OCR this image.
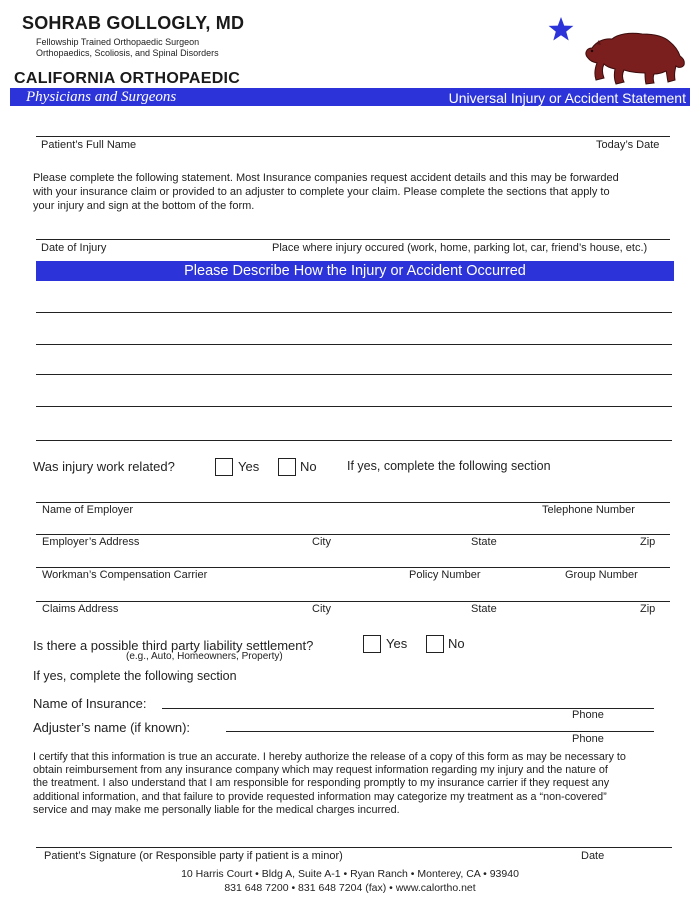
SOHRAB GOLLOGLY, MD
Fellowship Trained Orthopaedic Surgeon
Orthopaedics, Scoliosis, and Spinal Disorders
CALIFORNIA ORTHOPAEDIC
Physicians and Surgeons	Universal Injury or Accident Statement
Patient’s Full Name	Today’s Date
Please complete the following statement. Most Insurance companies request accident details and this may be forwarded
with your insurance claim or provided to an adjuster to complete your claim. Please complete the sections that apply to
your injury and sign at the bottom of the form.
Date of Injury	Place where injury occured (work, home, parking lot, car, friend’s house, etc.)
Please Describe How the Injury or Accident Occurred
Was injury work related?	Yes	No If yes, complete the following section
Name of Employer	Telephone Number
Employer’s Address	City	State	Zip
Workman’s Compensation Carrier	Policy Number	Group Number
Claims Address	City	State	Zip
Is there a possible third party liability settlement?
(e.g., Auto, Homeowners, Property)
Yes	No
If yes, complete the following section
Name of Insurance:
Phone
Adjuster’s name (if known):
Phone
I certify that this information is true an accurate. I hereby authorize the release of a copy of this form as may be necessary to
obtain reimbursement from any insurance company which may request information regarding my injury and the nature of
the treatment. I also understand that I am responsible for responding promptly to my insurance carrier if they request any
additional information, and that failure to provide requested information may categorize my treatment as a “non-covered”
service and may make me personally liable for the medical charges incurred.
Patient’s Signature (or Responsible party if patient is a minor)	Date
10 Harris Court • Bldg A, Suite A-1 • Ryan Ranch • Monterey, CA • 93940
831 648 7200 • 831 648 7204 (fax) • www.calortho.net
